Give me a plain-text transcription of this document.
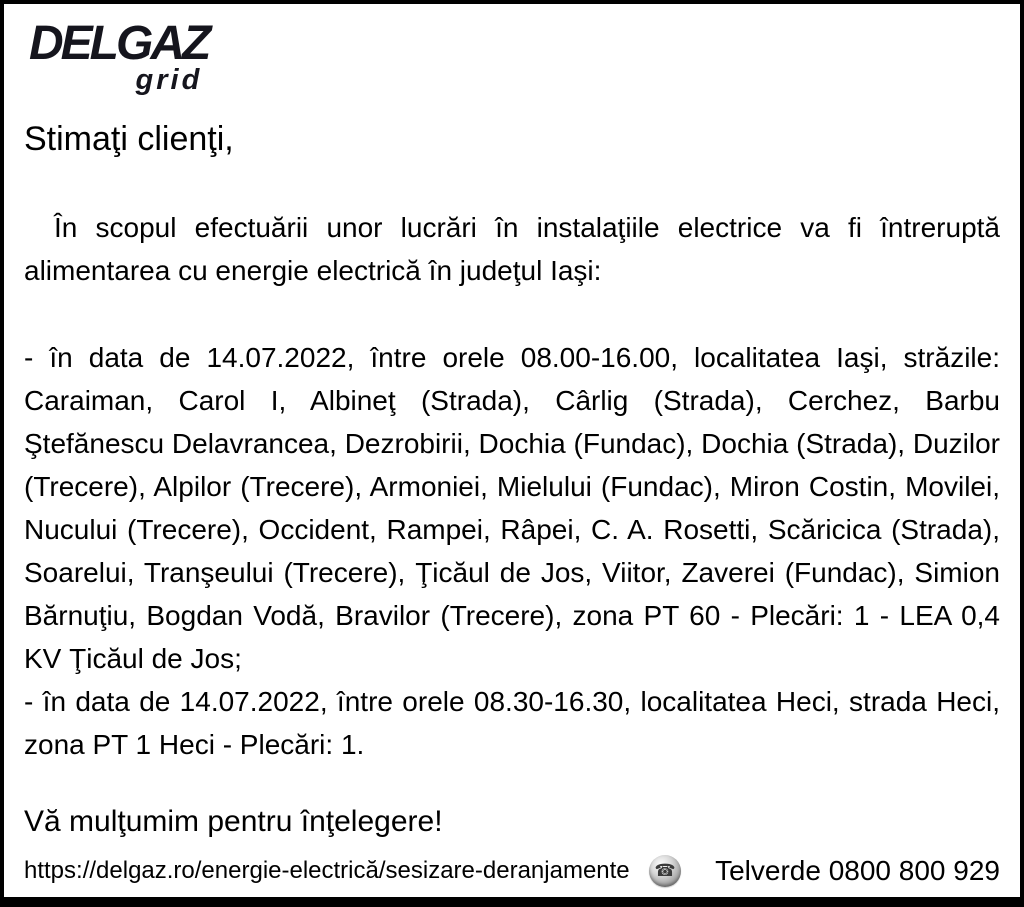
DELGAZ
grid
Stimaţi clienţi,

În scopul efectuării unor lucrări în instalaţiile electrice va fi întreruptă alimentarea cu energie electrică în judeţul Iaşi:

- în data de 14.07.2022, între orele 08.00-16.00, localitatea Iaşi, străzile: Caraiman, Carol I, Albineţ (Strada), Cârlig (Strada), Cerchez, Barbu Ştefănescu Delavrancea, Dezrobirii, Dochia (Fundac), Dochia (Strada), Duzilor (Trecere), Alpilor (Trecere), Armoniei, Mielului (Fundac), Miron Costin, Movilei, Nucului (Trecere), Occident, Rampei, Râpei, C. A. Rosetti, Scăricica (Strada), Soarelui, Tranşeului (Trecere), Ţicăul de Jos, Viitor, Zaverei (Fundac), Simion Bărnuţiu, Bogdan Vodă, Bravilor (Trecere), zona PT 60 - Plecări: 1 - LEA 0,4 KV Ţicăul de Jos;

- în data de 14.07.2022, între orele 08.30-16.30, localitatea Heci, strada Heci, zona PT 1 Heci - Plecări: 1.

Vă mulţumim pentru înţelegere!
https://delgaz.ro/energie-electrică/sesizare-deranjamente	☎ Telverde 0800 800 929
